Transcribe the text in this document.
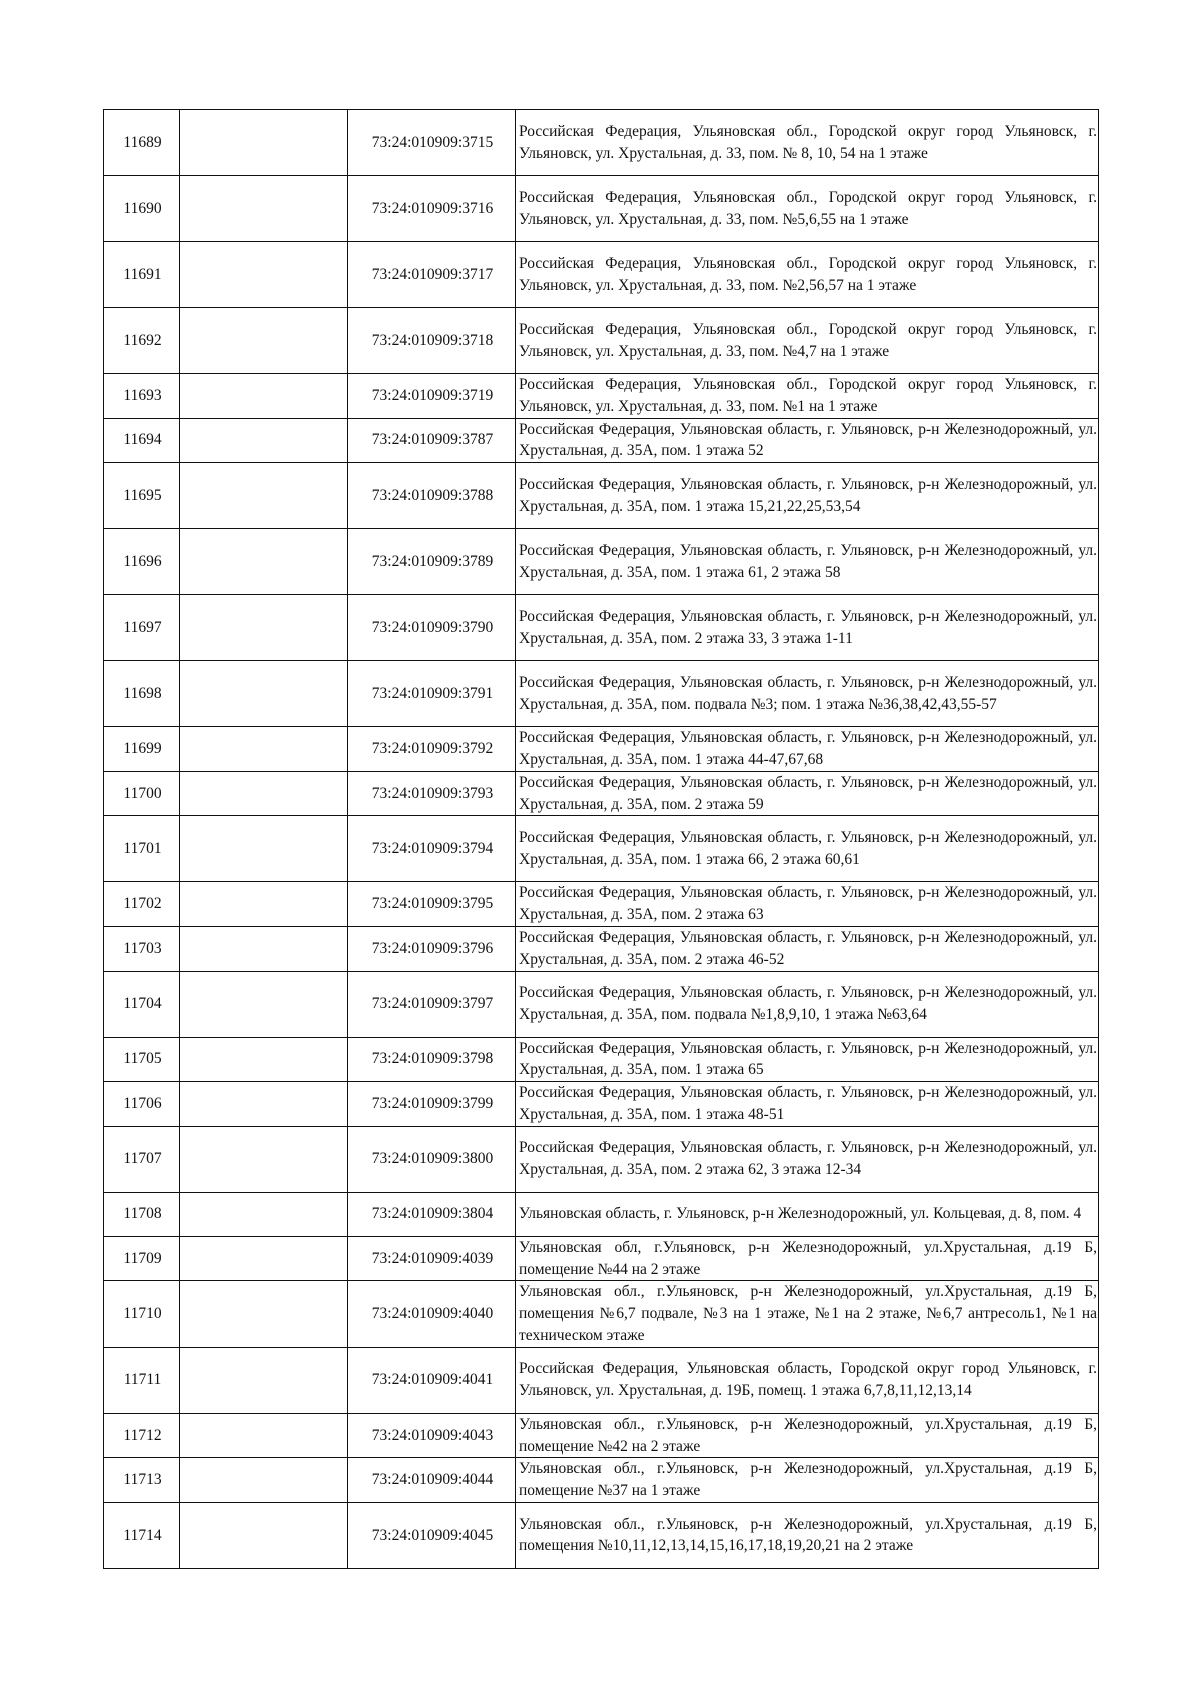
11689		73:24:010909:3715	Российская Федерация, Ульяновская обл., Городской округ город Ульяновск, г. Ульяновск, ул. Хрустальная, д. 33, пом. № 8, 10, 54 на 1 этаже
11690		73:24:010909:3716	Российская Федерация, Ульяновская обл., Городской округ город Ульяновск, г. Ульяновск, ул. Хрустальная, д. 33, пом. №5,6,55 на 1 этаже
11691		73:24:010909:3717	Российская Федерация, Ульяновская обл., Городской округ город Ульяновск, г. Ульяновск, ул. Хрустальная, д. 33, пом. №2,56,57 на 1 этаже
11692		73:24:010909:3718	Российская Федерация, Ульяновская обл., Городской округ город Ульяновск, г. Ульяновск, ул. Хрустальная, д. 33, пом. №4,7 на 1 этаже
11693		73:24:010909:3719	Российская Федерация, Ульяновская обл., Городской округ город Ульяновск, г. Ульяновск, ул. Хрустальная, д. 33, пом. №1 на 1 этаже
11694		73:24:010909:3787	Российская Федерация, Ульяновская область, г. Ульяновск, р-н Железнодорожный, ул. Хрустальная, д. 35А, пом. 1 этажа 52
11695		73:24:010909:3788	Российская Федерация, Ульяновская область, г. Ульяновск, р-н Железнодорожный, ул. Хрустальная, д. 35А, пом. 1 этажа 15,21,22,25,53,54
11696		73:24:010909:3789	Российская Федерация, Ульяновская область, г. Ульяновск, р-н Железнодорожный, ул. Хрустальная, д. 35А, пом. 1 этажа 61, 2 этажа 58
11697		73:24:010909:3790	Российская Федерация, Ульяновская область, г. Ульяновск, р-н Железнодорожный, ул. Хрустальная, д. 35А, пом. 2 этажа 33, 3 этажа 1-11
11698		73:24:010909:3791	Российская Федерация, Ульяновская область, г. Ульяновск, р-н Железнодорожный, ул. Хрустальная, д. 35А, пом. подвала №3; пом. 1 этажа №36,38,42,43,55-57
11699		73:24:010909:3792	Российская Федерация, Ульяновская область, г. Ульяновск, р-н Железнодорожный, ул. Хрустальная, д. 35А, пом. 1 этажа 44-47,67,68
11700		73:24:010909:3793	Российская Федерация, Ульяновская область, г. Ульяновск, р-н Железнодорожный, ул. Хрустальная, д. 35А, пом. 2 этажа 59
11701		73:24:010909:3794	Российская Федерация, Ульяновская область, г. Ульяновск, р-н Железнодорожный, ул. Хрустальная, д. 35А, пом. 1 этажа 66, 2 этажа 60,61
11702		73:24:010909:3795	Российская Федерация, Ульяновская область, г. Ульяновск, р-н Железнодорожный, ул. Хрустальная, д. 35А, пом. 2 этажа 63
11703		73:24:010909:3796	Российская Федерация, Ульяновская область, г. Ульяновск, р-н Железнодорожный, ул. Хрустальная, д. 35А, пом. 2 этажа 46-52
11704		73:24:010909:3797	Российская Федерация, Ульяновская область, г. Ульяновск, р-н Железнодорожный, ул. Хрустальная, д. 35А, пом. подвала №1,8,9,10, 1 этажа №63,64
11705		73:24:010909:3798	Российская Федерация, Ульяновская область, г. Ульяновск, р-н Железнодорожный, ул. Хрустальная, д. 35А, пом. 1 этажа 65
11706		73:24:010909:3799	Российская Федерация, Ульяновская область, г. Ульяновск, р-н Железнодорожный, ул. Хрустальная, д. 35А, пом. 1 этажа 48-51
11707		73:24:010909:3800	Российская Федерация, Ульяновская область, г. Ульяновск, р-н Железнодорожный, ул. Хрустальная, д. 35А, пом. 2 этажа 62, 3 этажа 12-34
11708		73:24:010909:3804	Ульяновская область, г. Ульяновск, р-н Железнодорожный, ул. Кольцевая, д. 8, пом. 4
11709		73:24:010909:4039	Ульяновская обл, г.Ульяновск, р-н Железнодорожный, ул.Хрустальная, д.19 Б, помещение №44 на 2 этаже
11710		73:24:010909:4040	Ульяновская обл., г.Ульяновск, р-н Железнодорожный, ул.Хрустальная, д.19 Б, помещения №6,7 подвале, №3 на 1 этаже, №1 на 2 этаже, №6,7 антресоль1, №1 на техническом этаже
11711		73:24:010909:4041	Российская Федерация, Ульяновская область, Городской округ город Ульяновск, г. Ульяновск, ул. Хрустальная, д. 19Б, помещ. 1 этажа 6,7,8,11,12,13,14
11712		73:24:010909:4043	Ульяновская обл., г.Ульяновск, р-н Железнодорожный, ул.Хрустальная, д.19 Б, помещение №42 на 2 этаже
11713		73:24:010909:4044	Ульяновская обл., г.Ульяновск, р-н Железнодорожный, ул.Хрустальная, д.19 Б, помещение №37 на 1 этаже
11714		73:24:010909:4045	Ульяновская обл., г.Ульяновск, р-н Железнодорожный, ул.Хрустальная, д.19 Б, помещения №10,11,12,13,14,15,16,17,18,19,20,21 на 2 этаже
